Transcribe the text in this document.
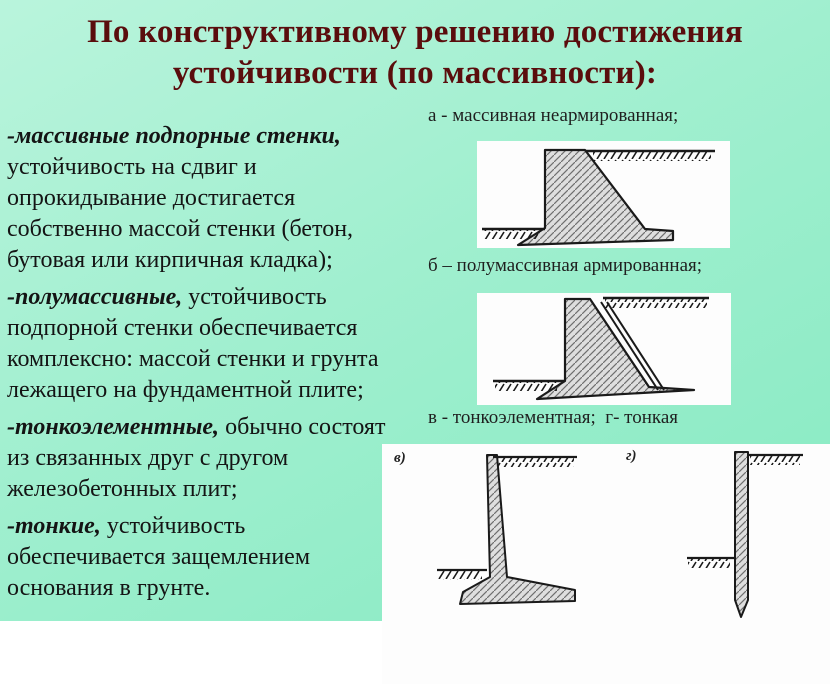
По конструктивному решению достижения
устойчивости (по массивности):

-массивные подпорные стенки, устойчивость на сдвиг и опрокидывание достигается собственно массой стенки (бетон, бутовая или кирпичная кладка);

-полумассивные, устойчивость подпорной стенки обеспечивается комплексно: массой стенки и грунта лежащего на фундаментной плите;

-тонкоэлементные, обычно состоят из связанных друг с другом железобетонных плит;

-тонкие, устойчивость обеспечивается защемлением основания в грунте.

а - массивная неармированная;
б – полумассивная армированная;
в - тонкоэлементная;  г- тонкая
в)	г)
